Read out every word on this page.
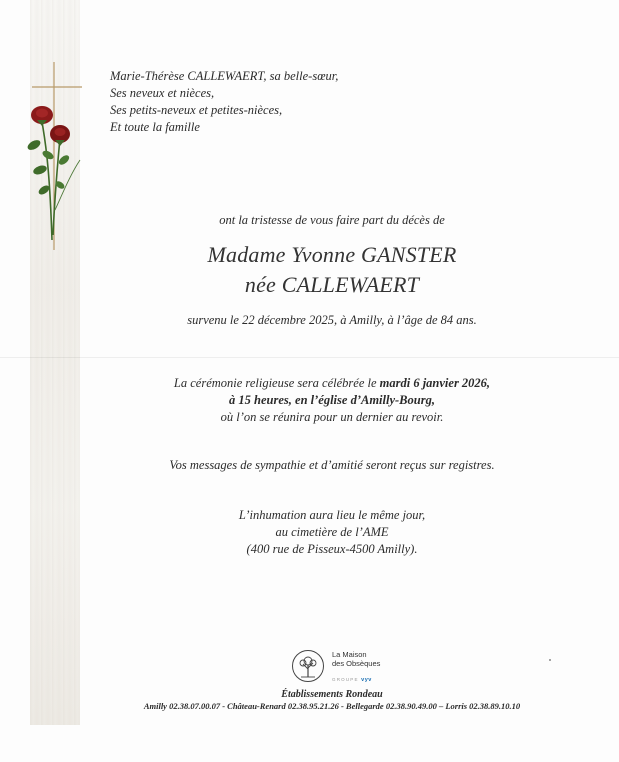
Marie-Thérèse CALLEWAERT, sa belle-sœur,
Ses neveux et nièces,
Ses petits-neveux et petites-nièces,
Et toute la famille
ont la tristesse de vous faire part du décès de
Madame Yvonne GANSTER
née CALLEWAERT
survenu le 22 décembre 2025, à Amilly, à l’âge de 84 ans.
La cérémonie religieuse sera célébrée le mardi 6 janvier 2026,
à 15 heures, en l’église d’Amilly-Bourg,
où l’on se réunira pour un dernier au revoir.
Vos messages de sympathie et d’amitié seront reçus sur registres.
L’inhumation aura lieu le même jour,
au cimetière de l’AME
(400 rue de Pisseux-4500 Amilly).
La Maison
des Obsèques
GROUPE vyv
Établissements Rondeau
Amilly 02.38.07.00.07 - Château-Renard 02.38.95.21.26 - Bellegarde 02.38.90.49.00 – Lorris 02.38.89.10.10
